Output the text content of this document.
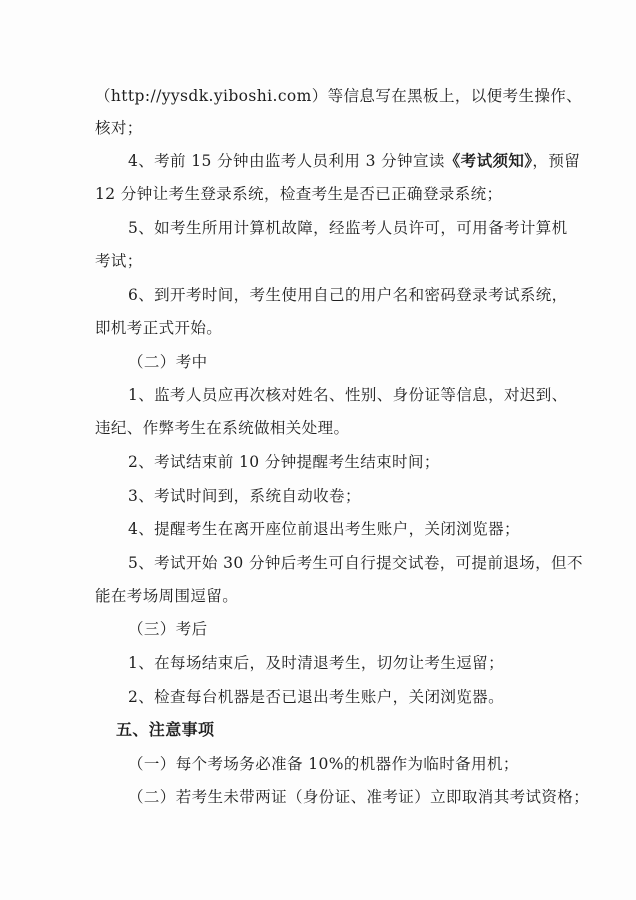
（http://yysdk.yiboshi.com）等信息写在黑板上，以便考生操作、
核对；
4、考前 15 分钟由监考人员利用 3 分钟宣读《考试须知》，预留
12 分钟让考生登录系统，检查考生是否已正确登录系统；
5、如考生所用计算机故障，经监考人员许可，可用备考计算机
考试；
6、到开考时间，考生使用自己的用户名和密码登录考试系统，
即机考正式开始。
（二）考中
1、监考人员应再次核对姓名、性别、身份证等信息，对迟到、
违纪、作弊考生在系统做相关处理。
2、考试结束前 10 分钟提醒考生结束时间；
3、考试时间到，系统自动收卷；
4、提醒考生在离开座位前退出考生账户，关闭浏览器；
5、考试开始 30 分钟后考生可自行提交试卷，可提前退场，但不
能在考场周围逗留。
（三）考后
1、在每场结束后，及时清退考生，切勿让考生逗留；
2、检查每台机器是否已退出考生账户，关闭浏览器。
五、注意事项
（一）每个考场务必准备 10%的机器作为临时备用机；
（二）若考生未带两证（身份证、准考证）立即取消其考试资格；
